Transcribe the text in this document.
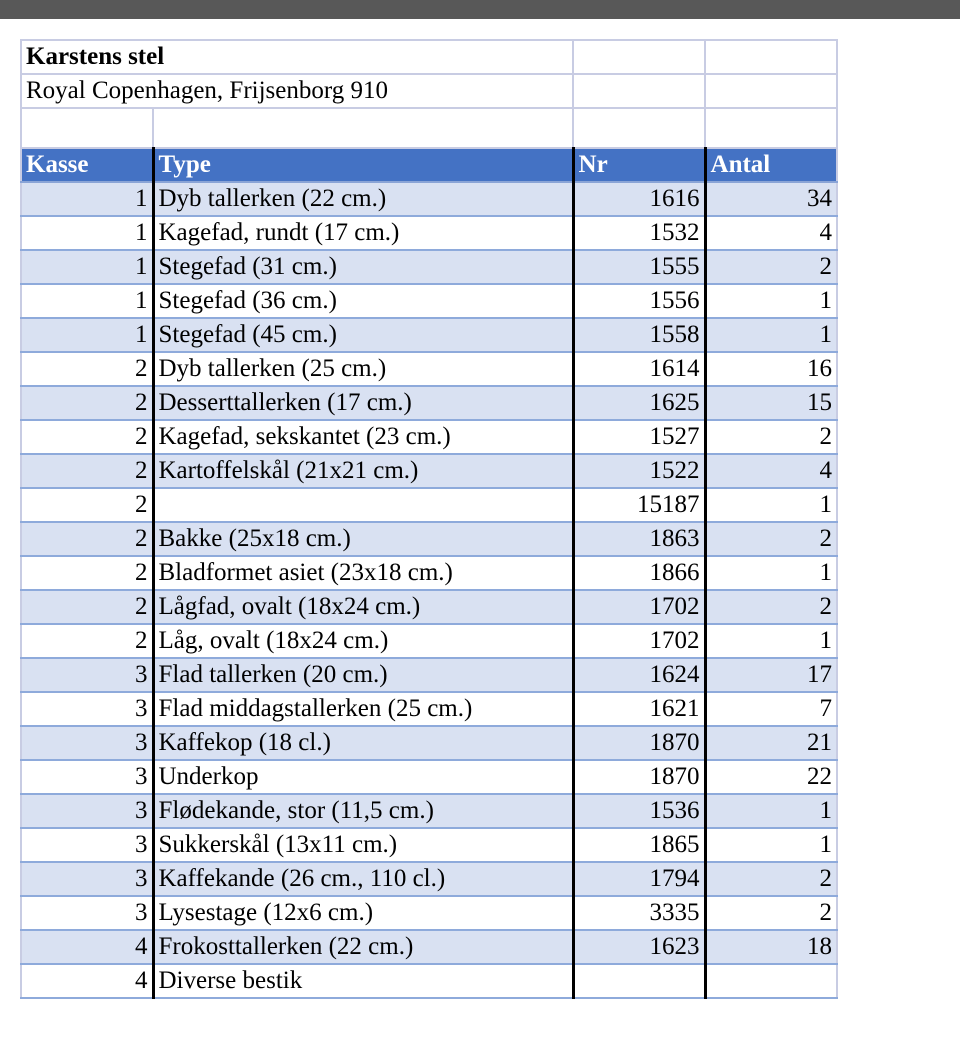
Karstens stel			
Royal Copenhagen, Frijsenborg 910			

Kasse	Type	Nr	Antal
1	Dyb tallerken (22 cm.)	1616	34
1	Kagefad, rundt (17 cm.)	1532	4
1	Stegefad (31 cm.)	1555	2
1	Stegefad (36 cm.)	1556	1
1	Stegefad (45 cm.)	1558	1
2	Dyb tallerken (25 cm.)	1614	16
2	Desserttallerken (17 cm.)	1625	15
2	Kagefad, sekskantet (23 cm.)	1527	2
2	Kartoffelskål (21x21 cm.)	1522	4
2		15187	1
2	Bakke (25x18 cm.)	1863	2
2	Bladformet asiet (23x18 cm.)	1866	1
2	Lågfad, ovalt (18x24 cm.)	1702	2
2	Låg, ovalt (18x24 cm.)	1702	1
3	Flad tallerken (20 cm.)	1624	17
3	Flad middagstallerken (25 cm.)	1621	7
3	Kaffekop (18 cl.)	1870	21
3	Underkop	1870	22
3	Flødekande, stor (11,5 cm.)	1536	1
3	Sukkerskål (13x11 cm.)	1865	1
3	Kaffekande (26 cm., 110 cl.)	1794	2
3	Lysestage (12x6 cm.)	3335	2
4	Frokosttallerken (22 cm.)	1623	18
4	Diverse bestik		
